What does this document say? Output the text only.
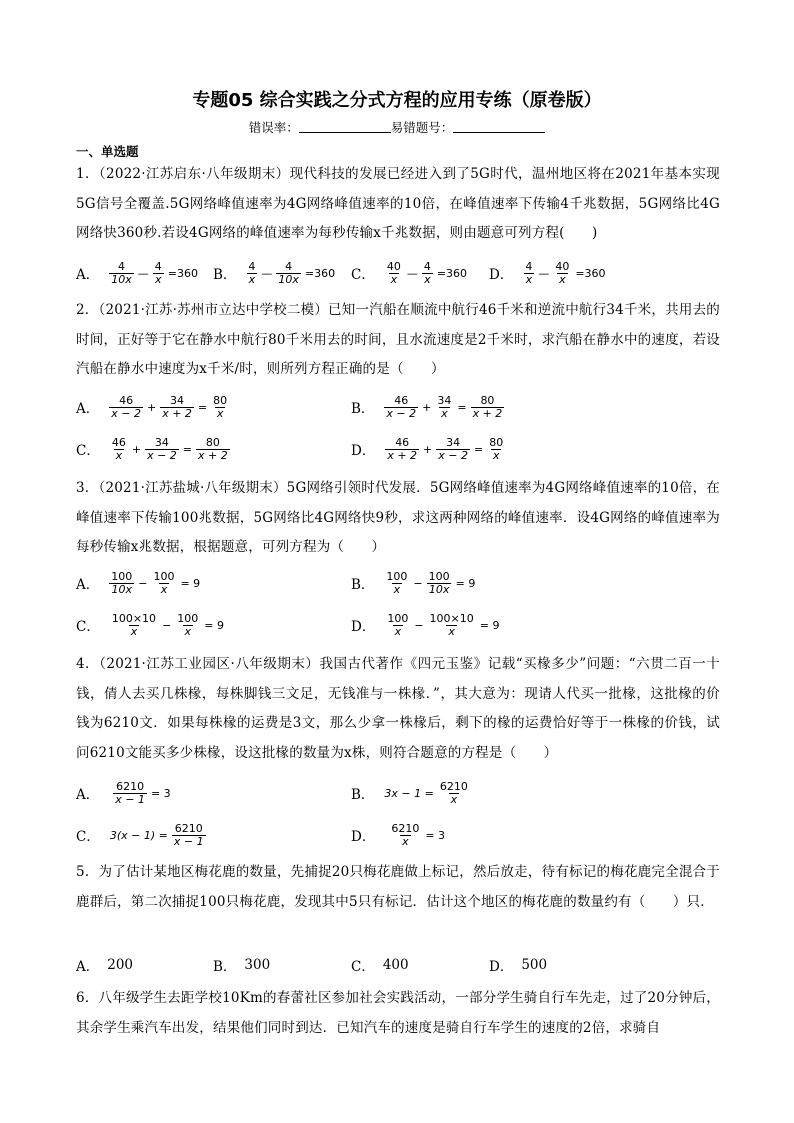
专题05 综合实践之分式方程的应用专练（原卷版）
错误率：	易错题号：
一、单选题
1．（2022·江苏启东·八年级期末）现代科技的发展已经进入到了5G时代，温州地区将在2021年基本实现5G信号全覆盖.5G网络峰值速率为4G网络峰值速率的10倍，在峰值速率下传输4千兆数据，5G网络比4G网络快360秒.若设4G网络的峰值速率为每秒传输x千兆数据，则由题意可列方程(　　)
A． $\frac{4}{10x}$ — $\frac{4}{x} =360$ B． $\frac{4}{x}$ — $\frac{4}{10x} =360$ C． $\frac{40}{x}$ — $\frac{4}{x} =360$ D． $\frac{4}{x}$ — $\frac{40}{x} =360$
2．（2021·江苏·苏州市立达中学校二模）已知一汽船在顺流中航行46千米和逆流中航行34千米，共用去的时间，正好等于它在静水中航行80千米用去的时间，且水流速度是2千米时，求汽船在静水中的速度，若设汽船在静水中速度为x千米/时，则所列方程正确的是（　　）
A． $\frac{46}{x - 2} + \frac{34}{x + 2} = \frac{80}{x}$	B． $\frac{46}{x - 2} + \frac{34}{x} = \frac{80}{x + 2}$
C． $\frac{46}{x} + \frac{34}{x - 2} = \frac{80}{x + 2}$	D． $\frac{46}{x + 2} + \frac{34}{x - 2} = \frac{80}{x}$
3．（2021·江苏盐城·八年级期末）5G网络引领时代发展．5G网络峰值速率为4G网络峰值速率的10倍，在峰值速率下传输100兆数据，5G网络比4G网络快9秒，求这两种网络的峰值速率．设4G网络的峰值速率为每秒传输x兆数据，根据题意，可列方程为（　　）
A． $\frac{100}{10x} - \frac{100}{x} = 9$	B． $\frac{100}{x} - \frac{100}{10x} = 9$
C． $\frac{100\times 10}{x} - \frac{100}{x} = 9$	D． $\frac{100}{x} - \frac{100\times 10}{x} = 9$
4．（2021·江苏工业园区·八年级期末）我国古代著作《四元玉鉴》记载“买椽多少”问题：“六贯二百一十钱，倩人去买几株椽，每株脚钱三文足，无钱准与一株椽．”，其大意为：现请人代买一批椽，这批椽的价钱为6210文．如果每株椽的运费是3文，那么少拿一株椽后，剩下的椽的运费恰好等于一株椽的价钱，试问6210文能买多少株椽，设这批椽的数量为x株，则符合题意的方程是（　　）
A． $\frac{6210}{x - 1} = 3$	B． $3x - 1 = \frac{6210}{x}$
C． $3(x - 1) = \frac{6210}{x - 1}$	D． $\frac{6210}{x} = 3$
5．为了估计某地区梅花鹿的数量，先捕捉20只梅花鹿做上标记，然后放走，待有标记的梅花鹿完全混合于鹿群后，第二次捕捉100只梅花鹿，发现其中5只有标记．估计这个地区的梅花鹿的数量约有（　　）只．
A． 200	B． 300	C． 400	D． 500
6．八年级学生去距学校10Km的春蕾社区参加社会实践活动，一部分学生骑自行车先走，过了20分钟后，其余学生乘汽车出发，结果他们同时到达．已知汽车的速度是骑自行车学生的速度的2倍，求骑自
